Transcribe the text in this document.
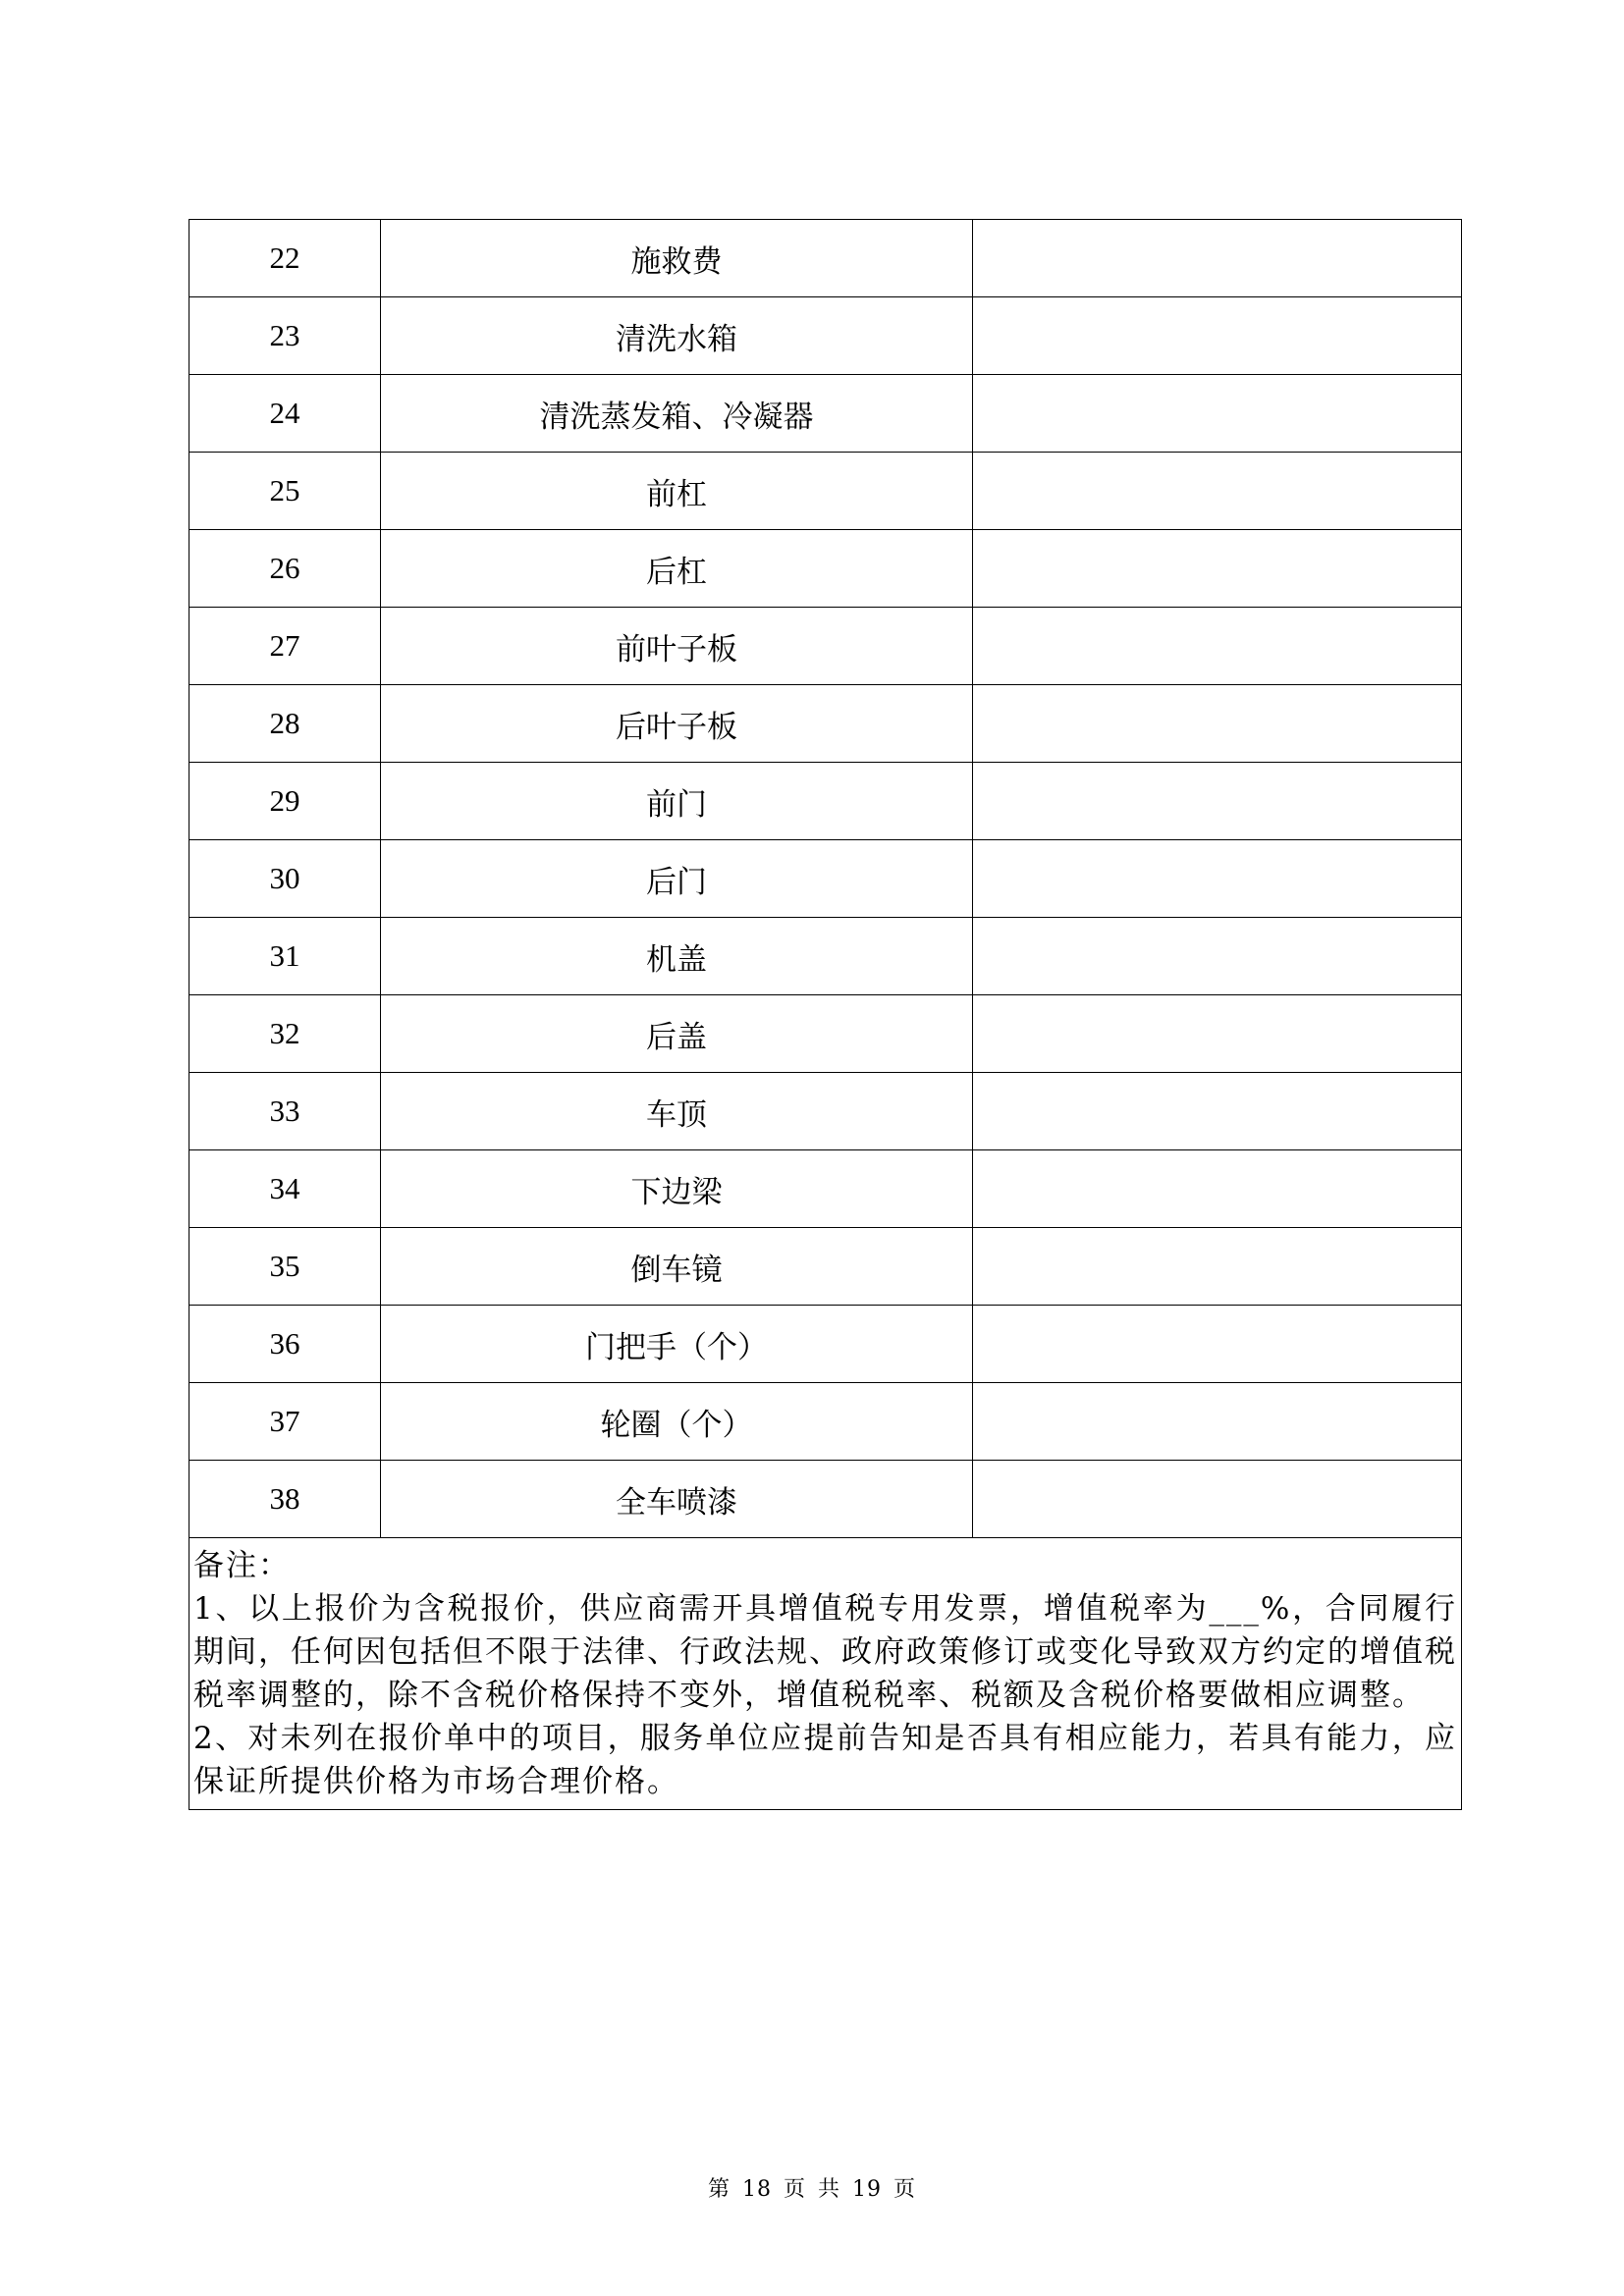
22	施救费	
23	清洗水箱	
24	清洗蒸发箱、冷凝器	
25	前杠	
26	后杠	
27	前叶子板	
28	后叶子板	
29	前门	
30	后门	
31	机盖	
32	后盖	
33	车顶	
34	下边梁	
35	倒车镜	
36	门把手（个）	
37	轮圈（个）	
38	全车喷漆	

备注：

1、以上报价为含税报价，供应商需开具增值税专用发票，增值税率为___%，合同履行期间，任何因包括但不限于法律、行政法规、政府政策修订或变化导致双方约定的增值税税率调整的，除不含税价格保持不变外，增值税税率、税额及含税价格要做相应调整。

2、对未列在报价单中的项目，服务单位应提前告知是否具有相应能力，若具有能力，应保证所提供价格为市场合理价格。		

第 18 页 共 19 页
